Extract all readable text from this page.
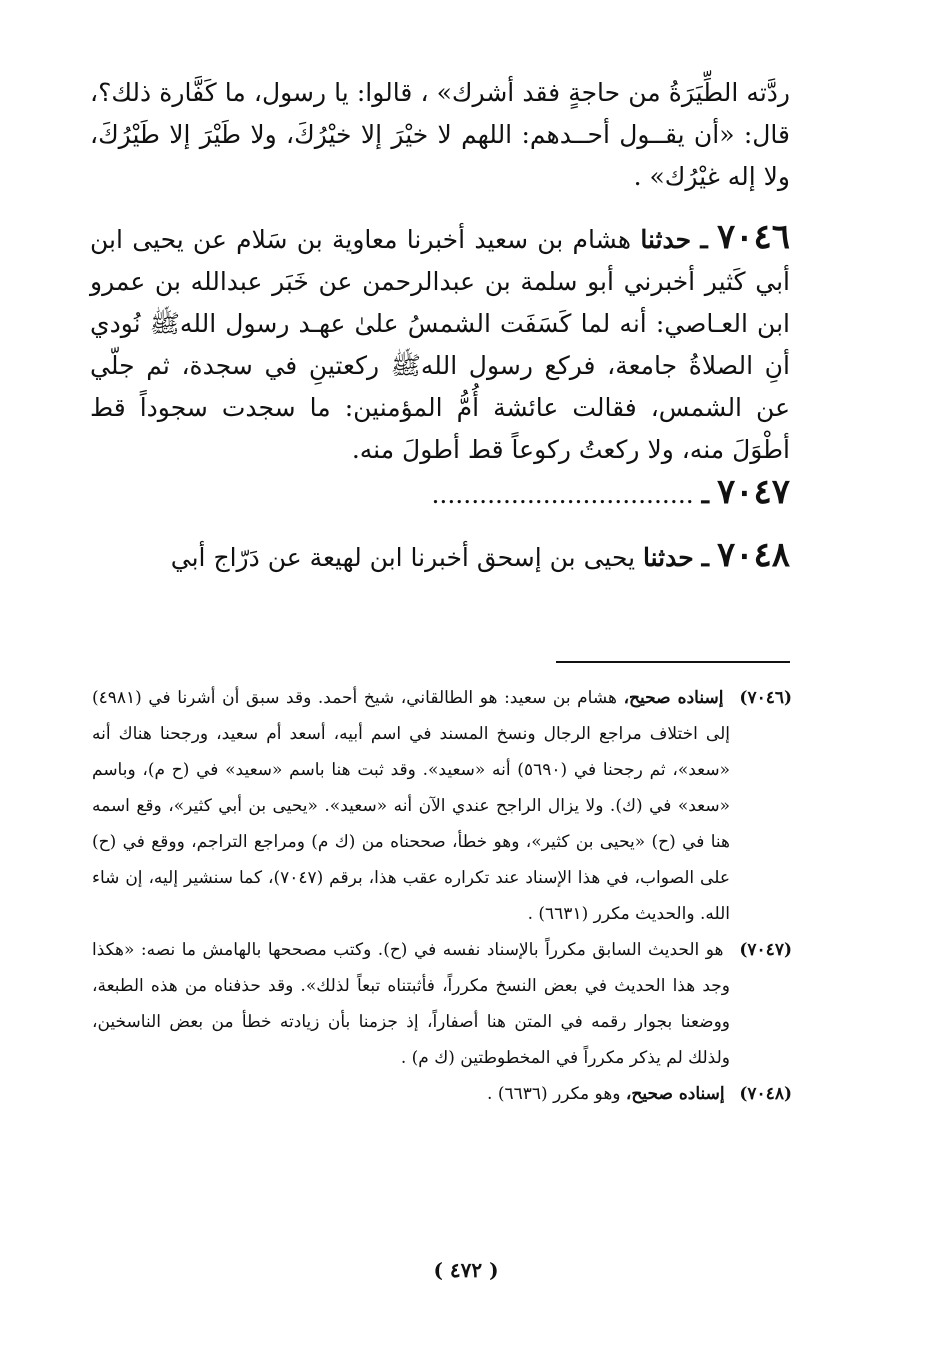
ردَّته الطِّيَرَةُ من حاجةٍ فقد أشرك» ، قالوا: يا رسول، ما كَفَّارة ذلك؟، قال: «أن يقــول أحــدهم: اللهم لا خيْرَ إلا خيْرُكَ، ولا طَيْرَ إلا طَيْرُكَ، ولا إله غيْرُك» .

٧٠٤٦ ـ حدثنا هشام بن سعيد أخبرنا معاوية بن سَلام عن يحيى ابن أبي كَثير أخبرني أبو سلمة بن عبدالرحمن عن خَبَر عبدالله بن عمرو ابن العـاصي: أنه لما كَسَفَت الشمسُ علىٰ عهـد رسول اللهﷺ نُودي أنِ الصلاةُ جامعة، فركع رسول اللهﷺ ركعتينِ في سجدة، ثم جلّي عن الشمس، فقالت عائشة أُمُّ المؤمنين: ما سجدت سجوداً قط أطْوَلَ منه، ولا ركعتُ ركوعاً قط أطولَ منه.

٧٠٤٧ ـ .................................

٧٠٤٨ ـ حدثنا يحيى بن إسحق أخبرنا ابن لهيعة عن دَرّاج أبي

(٧٠٤٦) إسناده صحيح، هشام بن سعيد: هو الطالقاني، شيخ أحمد. وقد سبق أن أشرنا في (٤٩٨١) إلى اختلاف مراجع الرجال ونسخ المسند في اسم أبيه، أسعد أم سعيد، ورجحنا هناك أنه «سعد»، ثم رجحنا في (٥٦٩٠) أنه «سعيد». وقد ثبت هنا باسم «سعيد» في (ح م)، وباسم «سعد» في (ك). ولا يزال الراجح عندي الآن أنه «سعيد». «يحيى بن أبي كثير»، وقع اسمه هنا في (ح) «يحيى بن كثير»، وهو خطأ، صححناه من (ك م) ومراجع التراجم، ووقع في (ح) على الصواب، في هذا الإسناد عند تكراره عقب هذا، برقم (٧٠٤٧)، كما سنشير إليه، إن شاء الله. والحديث مكرر (٦٦٣١) .

(٧٠٤٧) هو الحديث السابق مكرراً بالإسناد نفسه في (ح). وكتب مصححها بالهامش ما نصه: «هكذا وجد هذا الحديث في بعض النسخ مكرراً، فأثبتناه تبعاً لذلك». وقد حذفناه من هذه الطبعة، ووضعنا بجوار رقمه في المتن هنا أصفاراً، إذ جزمنا بأن زيادته خطأ من بعض الناسخين، ولذلك لم يذكر مكرراً في المخطوطتين (ك م) .

(٧٠٤٨) إسناده صحيح، وهو مكرر (٦٦٣٦) .

( ٤٧٢ )
